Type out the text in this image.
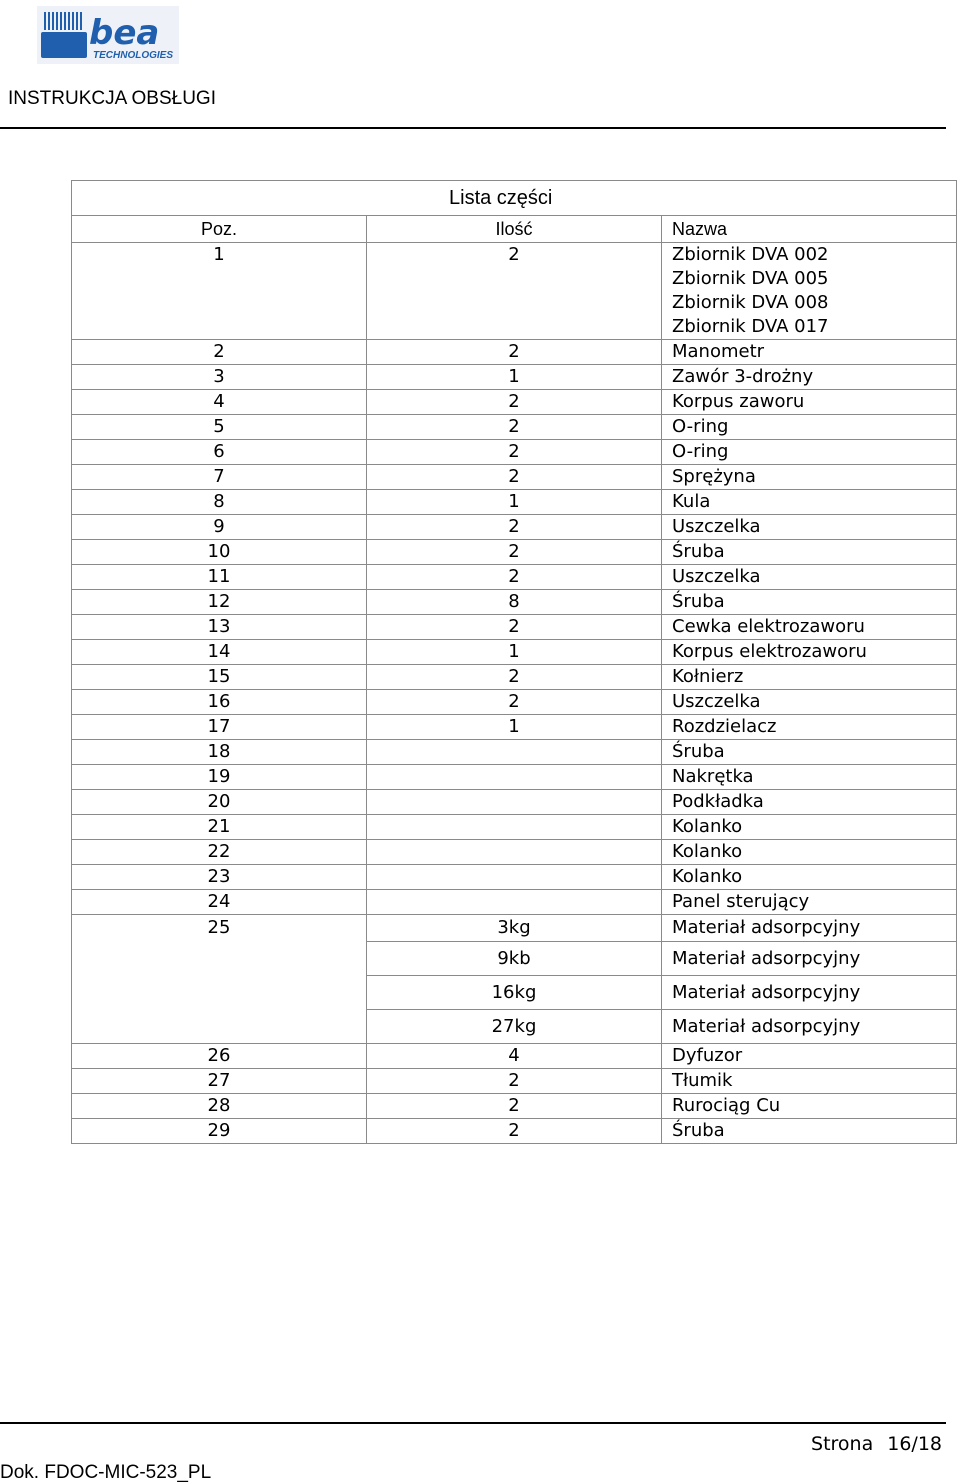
bea
TECHNOLOGIES
INSTRUKCJA OBSŁUGI
Lista części		

Poz.	Ilość	Nazwa

1	2	Zbiornik DVA 002
Zbiornik DVA 005
Zbiornik DVA 008
Zbiornik DVA 017

2	2	Manometr
3	1	Zawór 3-drożny
4	2	Korpus zaworu
5	2	O-ring
6	2	O-ring
7	2	Sprężyna
8	1	Kula
9	2	Uszczelka
10	2	Śruba
11	2	Uszczelka
12	8	Śruba
13	2	Cewka elektrozaworu
14	1	Korpus elektrozaworu
15	2	Kołnierz
16	2	Uszczelka
17	1	Rozdzielacz
18		Śruba
19		Nakrętka
20		Podkładka
21		Kolanko
22		Kolanko
23		Kolanko
24		Panel sterujący
25	3kg	Materiał adsorpcyjny
	9kb	Materiał adsorpcyjny
	16kg	Materiał adsorpcyjny
	27kg	Materiał adsorpcyjny
26	4	Dyfuzor
27	2	Tłumik
28	2	Rurociąg Cu
29	2	Śruba
Strona 16/18
Dok. FDOC-MIC-523_PL
